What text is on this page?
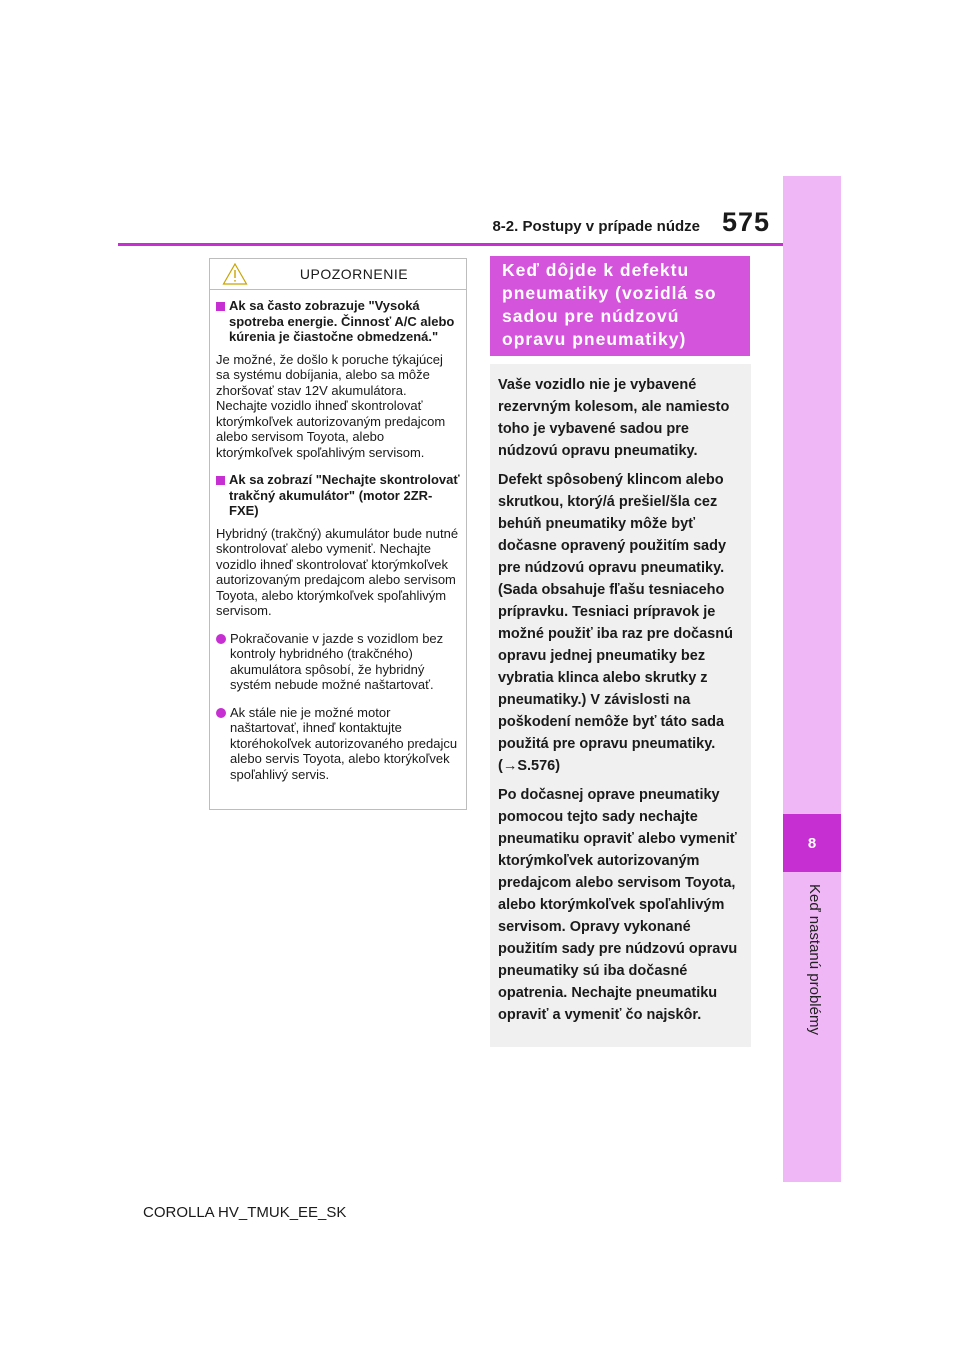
8
Keď nastanú problémy
8-2. Postupy v prípade núdze 575
UPOZORNENIE
Ak sa často zobrazuje "Vysoká spotreba energie. Činnosť A/C alebo kúrenia je čiastočne obmedzená."

Je možné, že došlo k poruche týkajúcej sa systému dobíjania, alebo sa môže zhoršovať stav 12V akumulátora. Nechajte vozidlo ihneď skontrolovať ktorýmkoľvek autorizovaným predajcom alebo servisom Toyota, alebo ktorýmkoľvek spoľahlivým servisom.

Ak sa zobrazí "Nechajte skontrolovať trakčný akumulátor" (motor 2ZR-FXE)

Hybridný (trakčný) akumulátor bude nutné skontrolovať alebo vymeniť. Nechajte vozidlo ihneď skontrolovať ktorýmkoľvek autorizovaným predajcom alebo servisom Toyota, alebo ktorýmkoľvek spoľahlivým servisom.

Pokračovanie v jazde s vozidlom bez kontroly hybridného (trakčného) akumulátora spôsobí, že hybridný systém nebude možné naštartovať.
Ak stále nie je možné motor naštartovať, ihneď kontaktujte ktoréhokoľvek autorizovaného predajcu alebo servis Toyota, alebo ktorýkoľvek spoľahlivý servis.
Keď dôjde k defektu pneumatiky (vozidlá so sadou pre núdzovú opravu pneumatiky)

Vaše vozidlo nie je vybavené rezervným kolesom, ale namiesto toho je vybavené sadou pre núdzovú opravu pneumatiky.

Defekt spôsobený klincom alebo skrutkou, ktorý/á prešiel/šla cez behúň pneumatiky môže byť dočasne opravený použitím sady pre núdzovú opravu pneumatiky. (Sada obsahuje fľašu tesniaceho prípravku. Tesniaci prípravok je možné použiť iba raz pre dočasnú opravu jednej pneumatiky bez vybratia klinca alebo skrutky z pneumatiky.) V závislosti na poškodení nemôže byť táto sada použitá pre opravu pneumatiky. (→S.576)

Po dočasnej oprave pneumatiky pomocou tejto sady nechajte pneumatiku opraviť alebo vymeniť ktorýmkoľvek autorizovaným predajcom alebo servisom Toyota, alebo ktorýmkoľvek spoľahlivým servisom. Opravy vykonané použitím sady pre núdzovú opravu pneumatiky sú iba dočasné opatrenia. Nechajte pneumatiku opraviť a vymeniť čo najskôr.

COROLLA HV_TMUK_EE_SK
